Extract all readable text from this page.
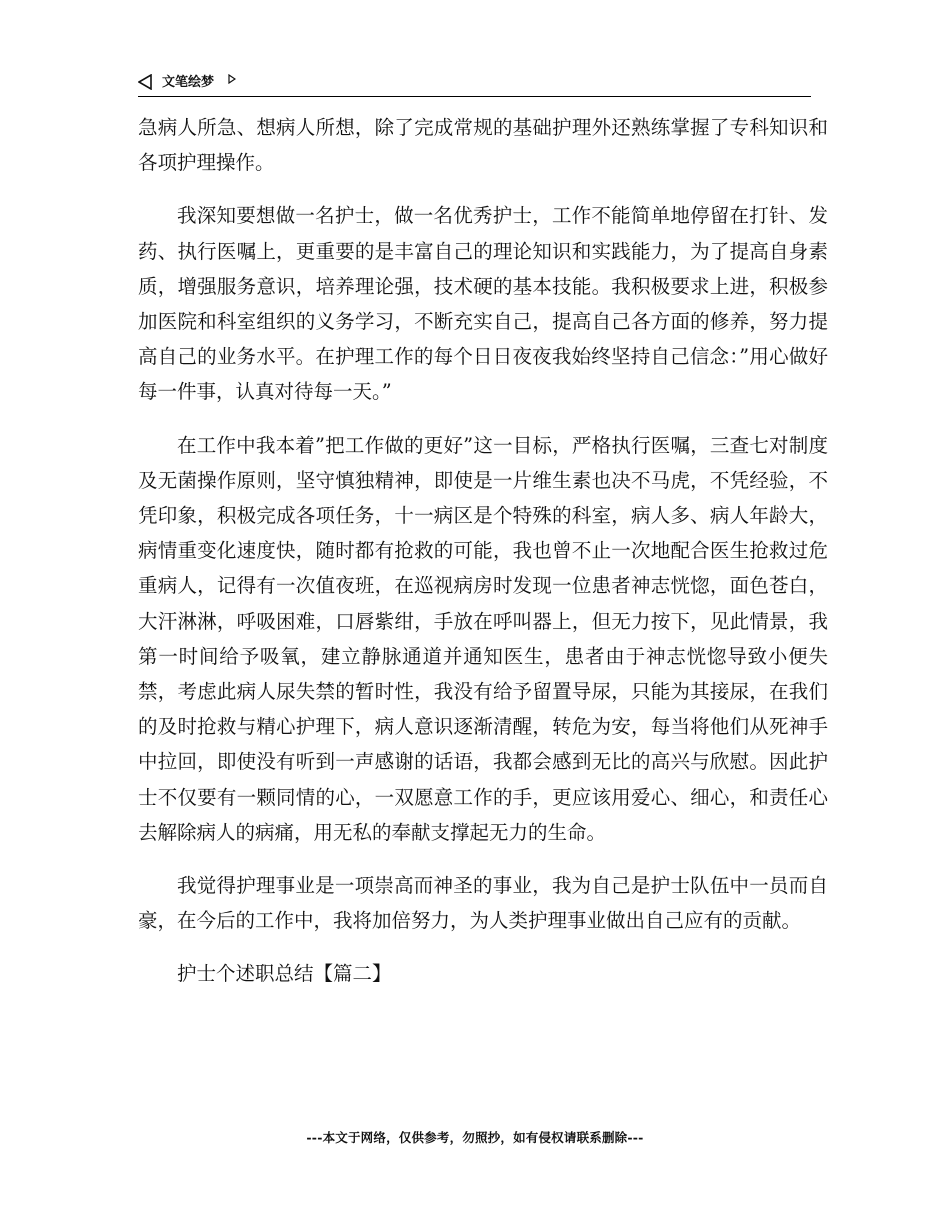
文笔绘梦

急病人所急、想病人所想，除了完成常规的基础护理外还熟练掌握了专科知识和各项护理操作。

我深知要想做一名护士，做一名优秀护士，工作不能简单地停留在打针、发药、执行医嘱上，更重要的是丰富自己的理论知识和实践能力，为了提高自身素质，增强服务意识，培养理论强，技术硬的基本技能。我积极要求上进，积极参加医院和科室组织的义务学习，不断充实自己，提高自己各方面的修养，努力提高自己的业务水平。在护理工作的每个日日夜夜我始终坚持自己信念：”用心做好每一件事，认真对待每一天。”

在工作中我本着”把工作做的更好”这一目标，严格执行医嘱，三查七对制度及无菌操作原则，坚守慎独精神，即使是一片维生素也决不马虎，不凭经验，不凭印象，积极完成各项任务，十一病区是个特殊的科室，病人多、病人年龄大，病情重变化速度快，随时都有抢救的可能，我也曾不止一次地配合医生抢救过危重病人，记得有一次值夜班，在巡视病房时发现一位患者神志恍惚，面色苍白，大汗淋淋，呼吸困难，口唇紫绀，手放在呼叫器上，但无力按下，见此情景，我第一时间给予吸氧，建立静脉通道并通知医生，患者由于神志恍惚导致小便失禁，考虑此病人尿失禁的暂时性，我没有给予留置导尿，只能为其接尿，在我们的及时抢救与精心护理下，病人意识逐渐清醒，转危为安，每当将他们从死神手中拉回，即使没有听到一声感谢的话语，我都会感到无比的高兴与欣慰。因此护士不仅要有一颗同情的心，一双愿意工作的手，更应该用爱心、细心，和责任心去解除病人的病痛，用无私的奉献支撑起无力的生命。

我觉得护理事业是一项崇高而神圣的事业，我为自己是护士队伍中一员而自豪，在今后的工作中，我将加倍努力，为人类护理事业做出自己应有的贡献。

护士个述职总结【篇二】

---本文于网络，仅供参考，勿照抄，如有侵权请联系删除---
